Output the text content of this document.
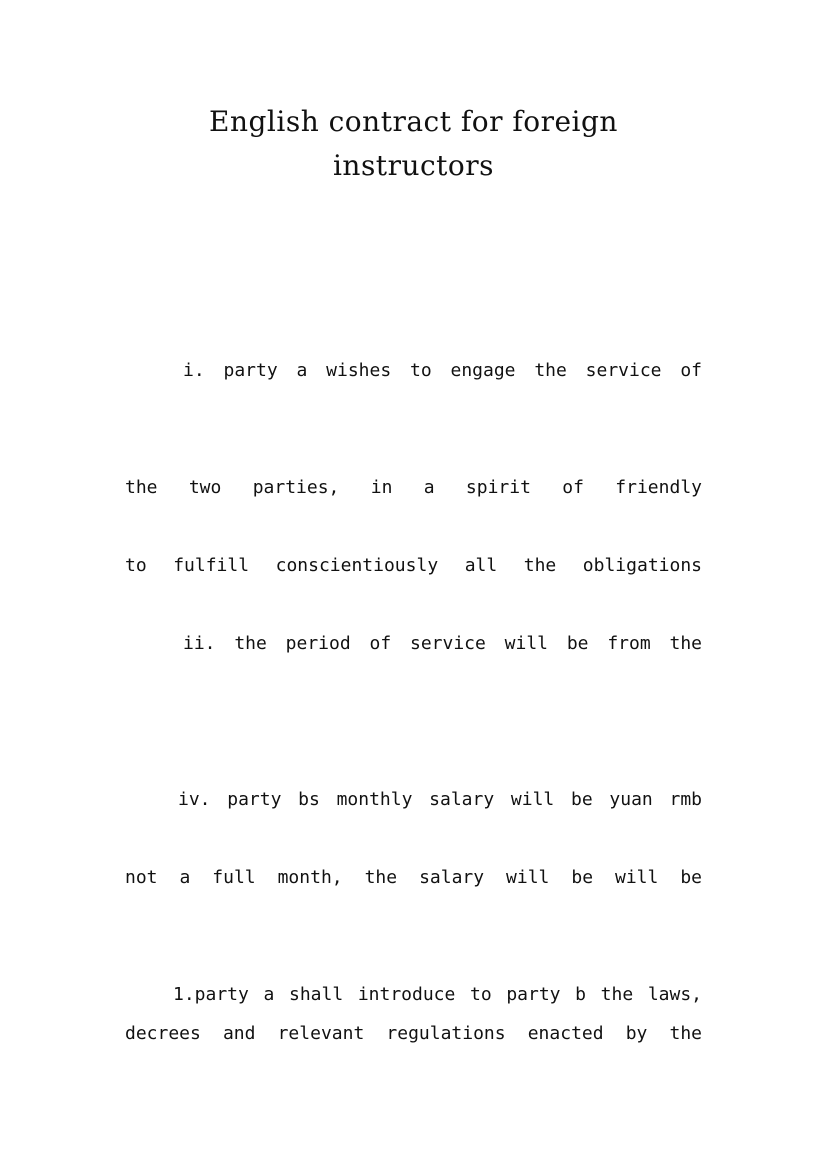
English contract for foreign instructors

i. party a wishes to engage the service of

the two parties, in a spirit of friendly

to fulfill conscientiously all the obligations

ii. the period of service will be from the

iv. party bs monthly salary will be yuan rmb

not a full month, the salary will be will be

1.party a shall introduce to party b the laws,
decrees and relevant regulations enacted by the
